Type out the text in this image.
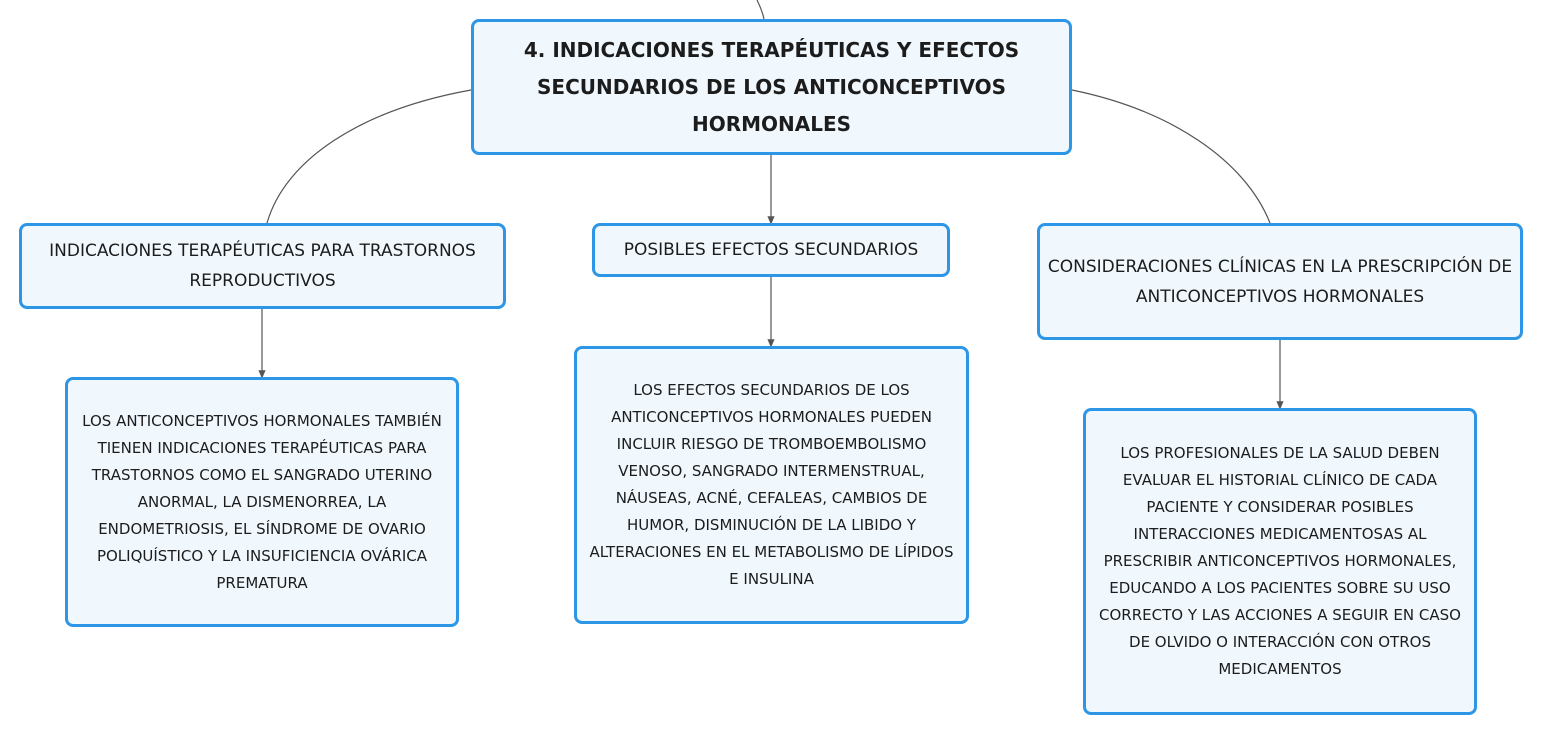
4. INDICACIONES TERAPÉUTICAS Y EFECTOS SECUNDARIOS DE LOS ANTICONCEPTIVOS HORMONALES
INDICACIONES TERAPÉUTICAS PARA TRASTORNOS REPRODUCTIVOS
POSIBLES EFECTOS SECUNDARIOS
CONSIDERACIONES CLÍNICAS EN LA PRESCRIPCIÓN DE ANTICONCEPTIVOS HORMONALES
LOS ANTICONCEPTIVOS HORMONALES TAMBIÉN TIENEN INDICACIONES TERAPÉUTICAS PARA TRASTORNOS COMO EL SANGRADO UTERINO ANORMAL, LA DISMENORREA, LA ENDOMETRIOSIS, EL SÍNDROME DE OVARIO POLIQUÍSTICO Y LA INSUFICIENCIA OVÁRICA PREMATURA
LOS EFECTOS SECUNDARIOS DE LOS ANTICONCEPTIVOS HORMONALES PUEDEN INCLUIR RIESGO DE TROMBOEMBOLISMO VENOSO, SANGRADO INTERMENSTRUAL, NÁUSEAS, ACNÉ, CEFALEAS, CAMBIOS DE HUMOR, DISMINUCIÓN DE LA LIBIDO Y ALTERACIONES EN EL METABOLISMO DE LÍPIDOS E INSULINA
LOS PROFESIONALES DE LA SALUD DEBEN EVALUAR EL HISTORIAL CLÍNICO DE CADA PACIENTE Y CONSIDERAR POSIBLES INTERACCIONES MEDICAMENTOSAS AL PRESCRIBIR ANTICONCEPTIVOS HORMONALES, EDUCANDO A LOS PACIENTES SOBRE SU USO CORRECTO Y LAS ACCIONES A SEGUIR EN CASO DE OLVIDO O INTERACCIÓN CON OTROS MEDICAMENTOS
